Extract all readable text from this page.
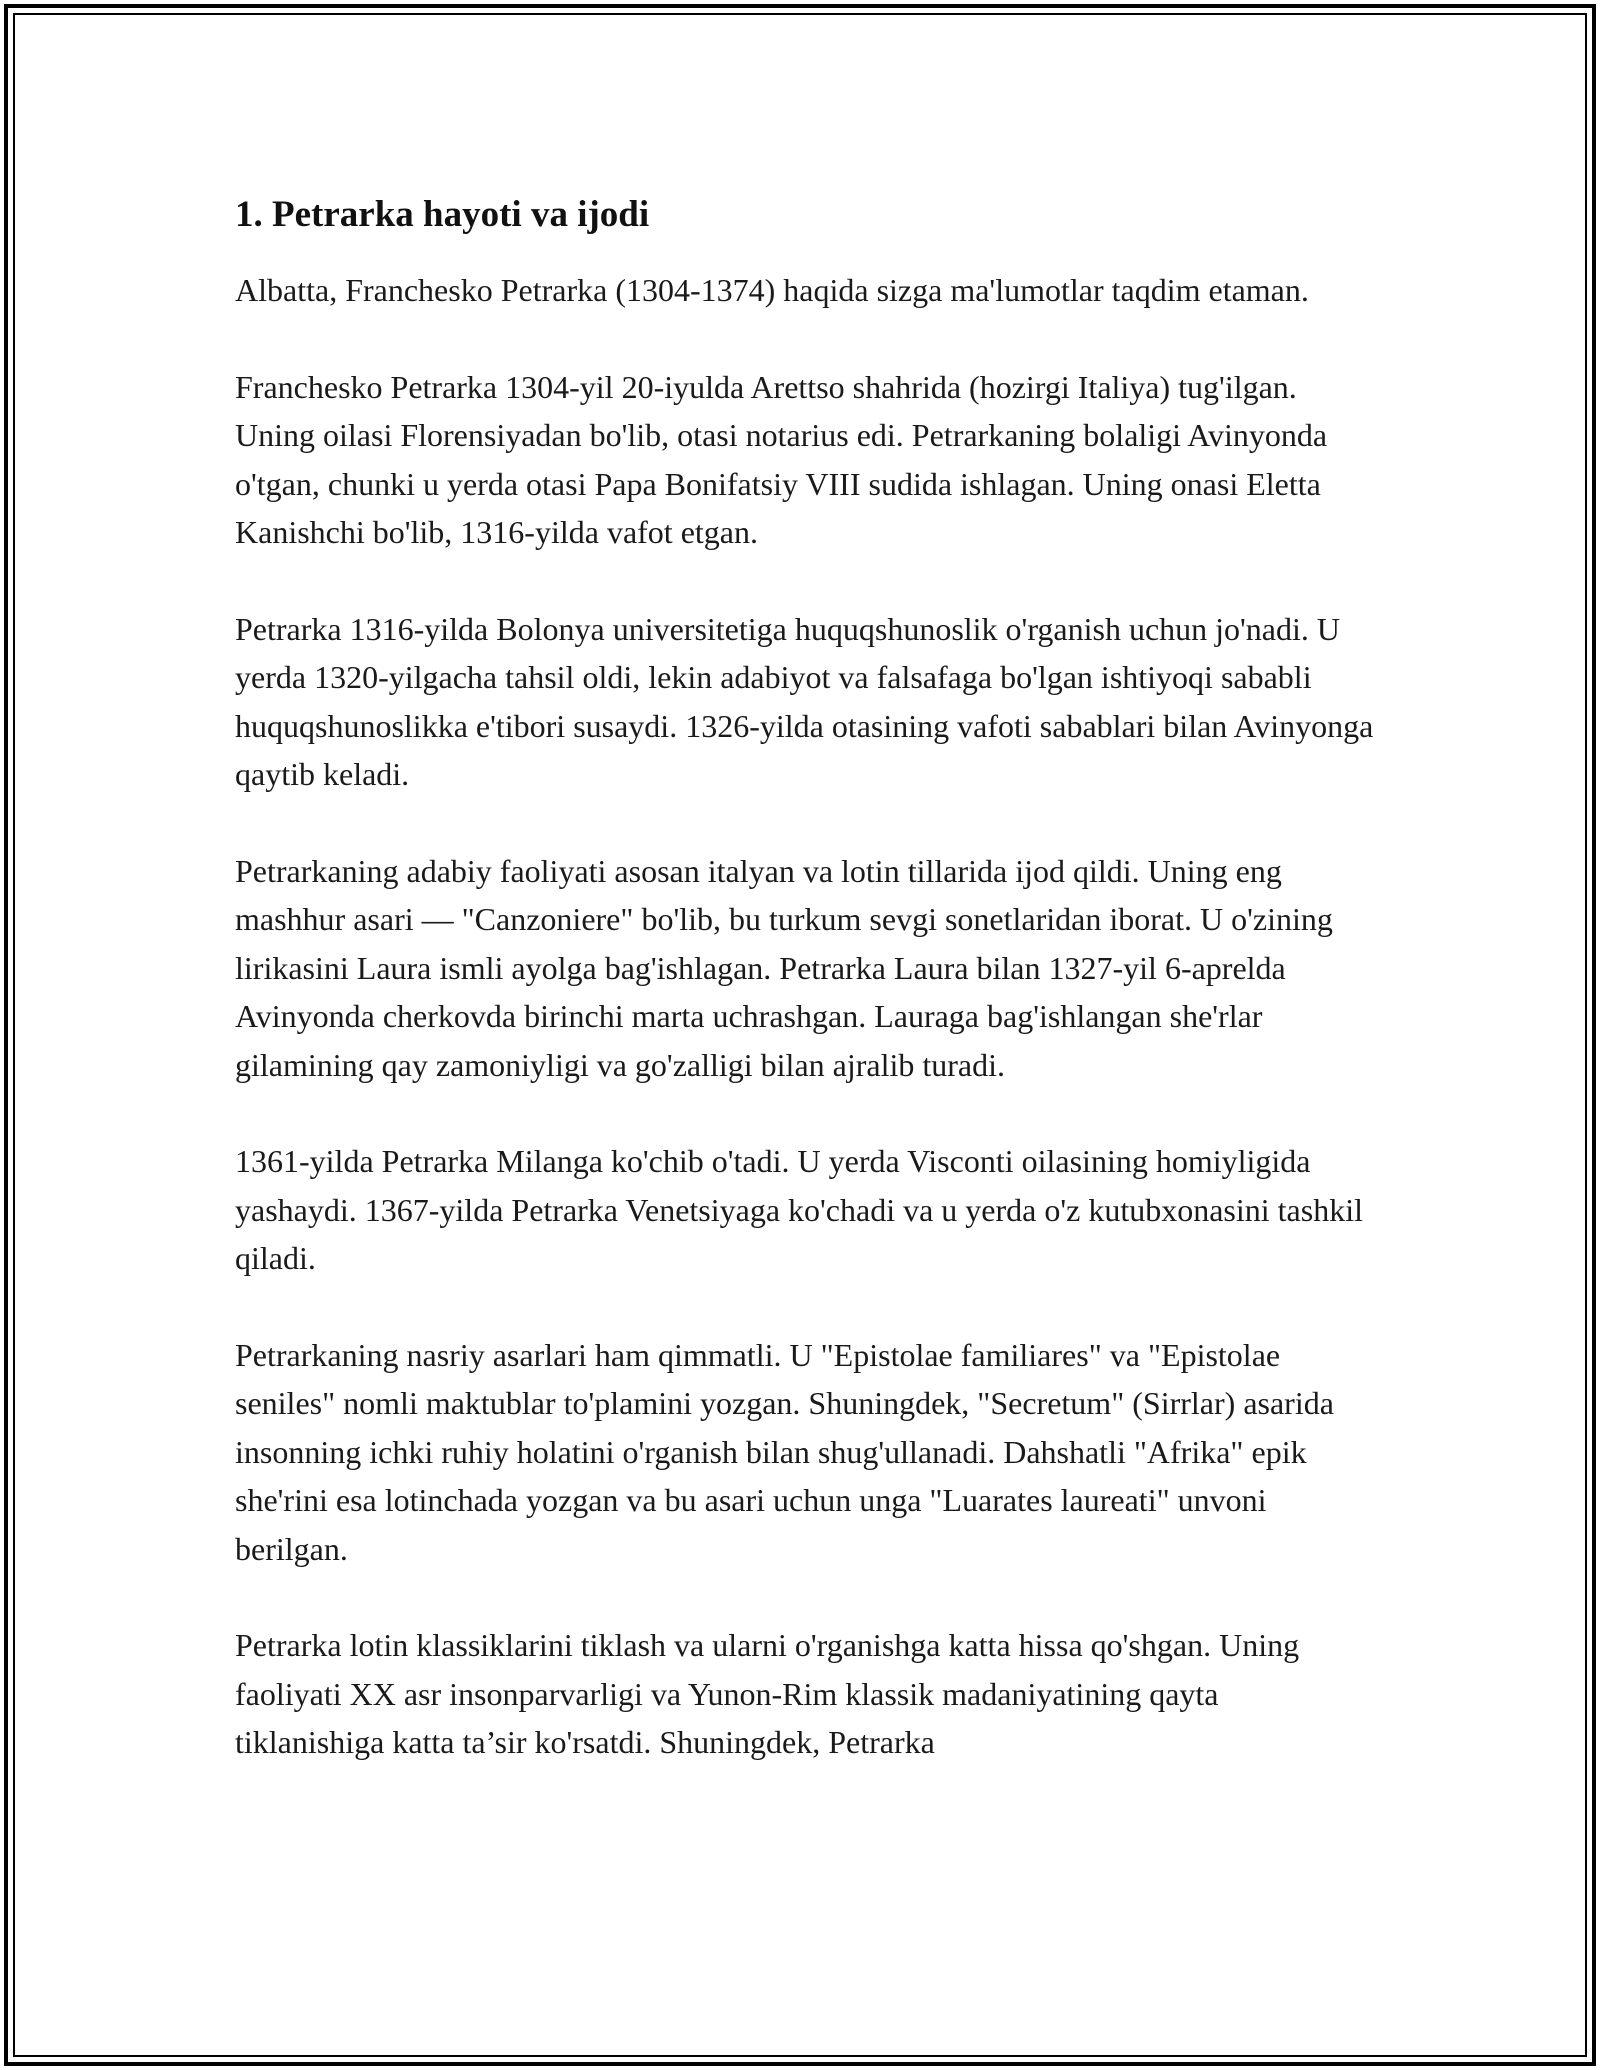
1. Petrarka hayoti va ijodi

Albatta, Francheskо Petrarka (1304-1374) haqida sizga ma'lumotlar taqdim etaman.

Francheskо Petrarka 1304-yil 20-iyulda Arettso shahrida (hozirgi Italiya) tug'ilgan. Uning oilasi Florensiyadan bo'lib, otasi notarius edi. Petrarkaning bolaligi Avinyonda o'tgan, chunki u yerda otasi Papa Bonifatsiy VIII sudida ishlagan. Uning onasi Eletta Kanishchi bo'lib, 1316-yilda vafot etgan.

Petrarka 1316-yilda Bolonya universitetiga huquqshunoslik o'rganish uchun jo'nadi. U yerda 1320-yilgacha tahsil oldi, lekin adabiyot va falsafaga bo'lgan ishtiyoqi sababli huquqshunoslikka e'tibori susaydi. 1326-yilda otasining vafoti sabablari bilan Avinyonga qaytib keladi.

Petrarkaning adabiy faoliyati asosan italyan va lotin tillarida ijod qildi. Uning eng mashhur asari — "Canzoniere" bo'lib, bu turkum sevgi sonetlaridan iborat. U o'zining lirikasini Laura ismli ayolga bag'ishlagan. Petrarka Laura bilan 1327-yil 6-aprelda Avinyonda cherkovda birinchi marta uchrashgan. Lauraga bag'ishlangan she'rlar gilamining qay zamoniyligi va go'zalligi bilan ajralib turadi.

1361-yilda Petrarka Milanga ko'chib o'tadi. U yerda Visconti oilasining homiyligida yashaydi. 1367-yilda Petrarka Venetsiyaga ko'chadi va u yerda o'z kutubxonasini tashkil qiladi.

Petrarkaning nasriy asarlari ham qimmatli. U "Epistolae familiares" va "Epistolae seniles" nomli maktublar to'plamini yozgan. Shuningdek, "Secretum" (Sirrlar) asarida insonning ichki ruhiy holatini o'rganish bilan shug'ullanadi. Dahshatli "Afrika" epik she'rini esa lotinchada yozgan va bu asari uchun unga "Luarates laureati" unvoni berilgan.

Petrarka lotin klassiklarini tiklash va ularni o'rganishga katta hissa qo'shgan. Uning faoliyati XX asr insonparvarligi va Yunon-Rim klassik madaniyatining qayta tiklanishiga katta ta’sir ko'rsatdi. Shuningdek, Petrarka
